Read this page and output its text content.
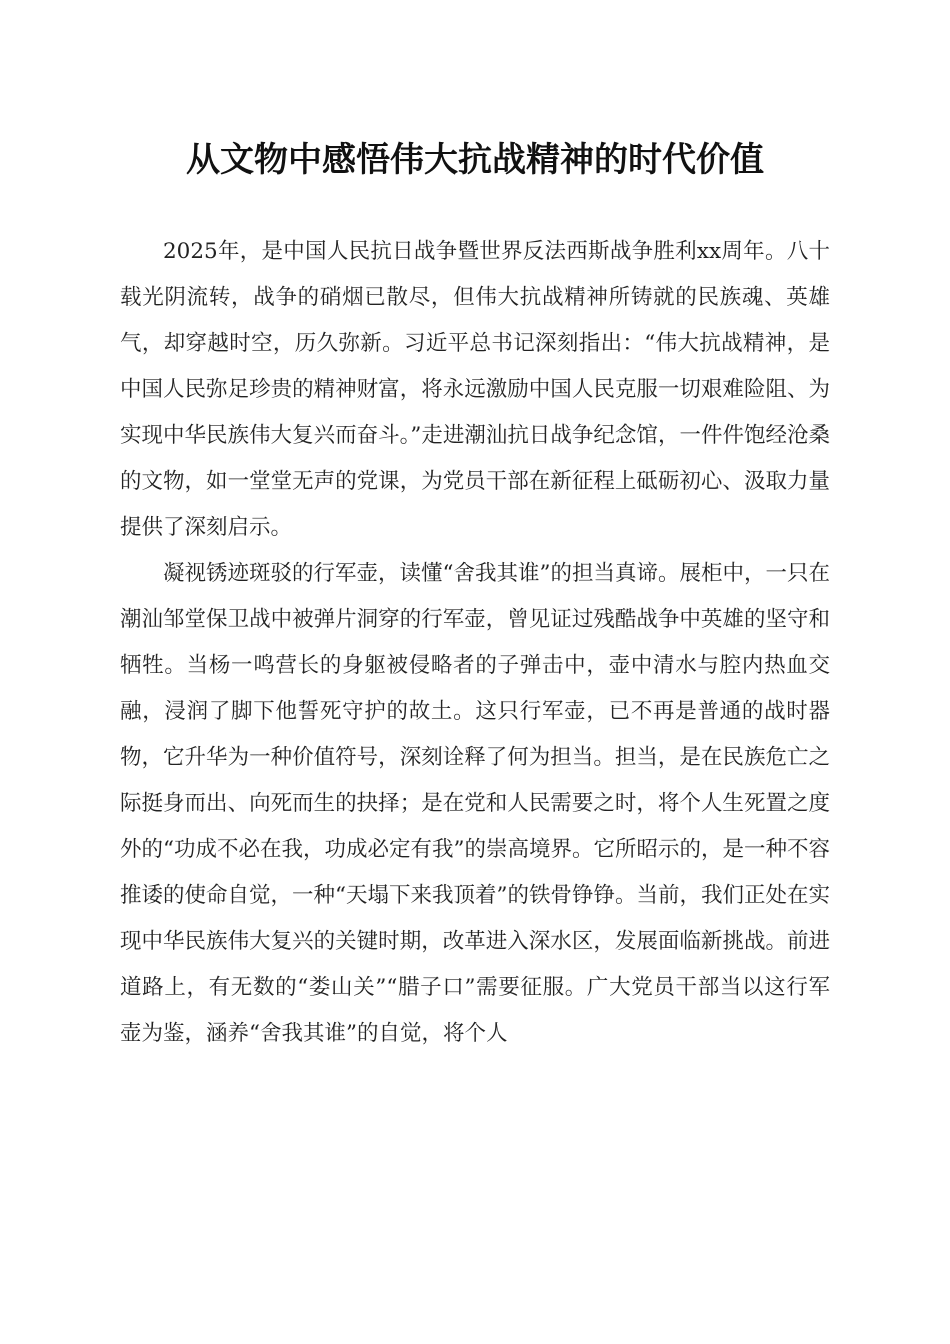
从文物中感悟伟大抗战精神的时代价值

2025年，是中国人民抗日战争暨世界反法西斯战争胜利xx周年。八十载光阴流转，战争的硝烟已散尽，但伟大抗战精神所铸就的民族魂、英雄气，却穿越时空，历久弥新。习近平总书记深刻指出：“伟大抗战精神，是中国人民弥足珍贵的精神财富，将永远激励中国人民克服一切艰难险阻、为实现中华民族伟大复兴而奋斗。”走进潮汕抗日战争纪念馆，一件件饱经沧桑的文物，如一堂堂无声的党课，为党员干部在新征程上砥砺初心、汲取力量提供了深刻启示。

凝视锈迹斑驳的行军壶，读懂“舍我其谁”的担当真谛。展柜中，一只在潮汕邹堂保卫战中被弹片洞穿的行军壶，曾见证过残酷战争中英雄的坚守和牺牲。当杨一鸣营长的身躯被侵略者的子弹击中，壶中清水与腔内热血交融，浸润了脚下他誓死守护的故土。这只行军壶，已不再是普通的战时器物，它升华为一种价值符号，深刻诠释了何为担当。担当，是在民族危亡之际挺身而出、向死而生的抉择；是在党和人民需要之时，将个人生死置之度外的“功成不必在我，功成必定有我”的崇高境界。它所昭示的，是一种不容推诿的使命自觉，一种“天塌下来我顶着”的铁骨铮铮。当前，我们正处在实现中华民族伟大复兴的关键时期，改革进入深水区，发展面临新挑战。前进道路上，有无数的“娄山关”“腊子口”需要征服。广大党员干部当以这行军壶为鉴，涵养“舍我其谁”的自觉，将个人
